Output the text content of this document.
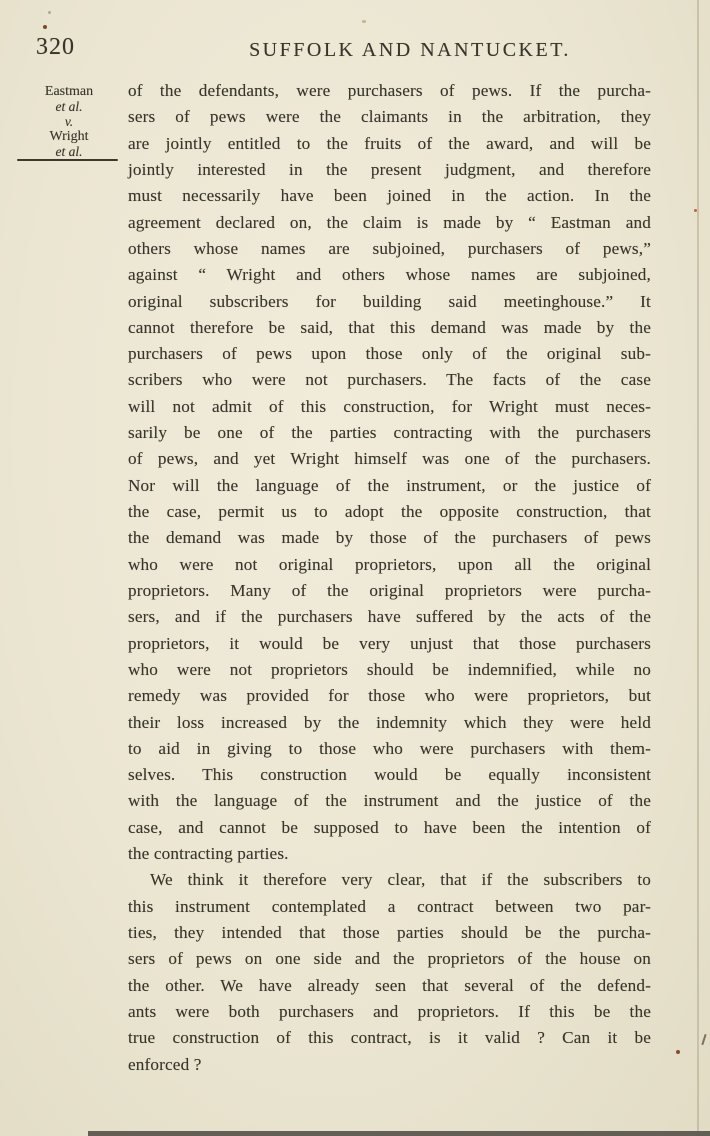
320	SUFFOLK AND NANTUCKET.
Eastman
et al.
v.
Wright
et al.
of the defendants, were purchasers of pews. If the purcha-
sers of pews were the claimants in the arbitration, they
are jointly entitled to the fruits of the award, and will be
jointly interested in the present judgment, and therefore
must necessarily have been joined in the action. In the
agreement declared on, the claim is made by “ Eastman and
others whose names are subjoined, purchasers of pews,”
against “ Wright and others whose names are subjoined,
original subscribers for building said meetinghouse.” It
cannot therefore be said, that this demand was made by the
purchasers of pews upon those only of the original sub-
scribers who were not purchasers. The facts of the case
will not admit of this construction, for Wright must neces-
sarily be one of the parties contracting with the purchasers
of pews, and yet Wright himself was one of the purchasers.
Nor will the language of the instrument, or the justice of
the case, permit us to adopt the opposite construction, that
the demand was made by those of the purchasers of pews
who were not original proprietors, upon all the original
proprietors. Many of the original proprietors were purcha-
sers, and if the purchasers have suffered by the acts of the
proprietors, it would be very unjust that those purchasers
who were not proprietors should be indemnified, while no
remedy was provided for those who were proprietors, but
their loss increased by the indemnity which they were held
to aid in giving to those who were purchasers with them-
selves. This construction would be equally inconsistent
with the language of the instrument and the justice of the
case, and cannot be supposed to have been the intention of
the contracting parties.
We think it therefore very clear, that if the subscribers to
this instrument contemplated a contract between two par-
ties, they intended that those parties should be the purcha-
sers of pews on one side and the proprietors of the house on
the other. We have already seen that several of the defend-
ants were both purchasers and proprietors. If this be the
true construction of this contract, is it valid ? Can it be
enforced ?
